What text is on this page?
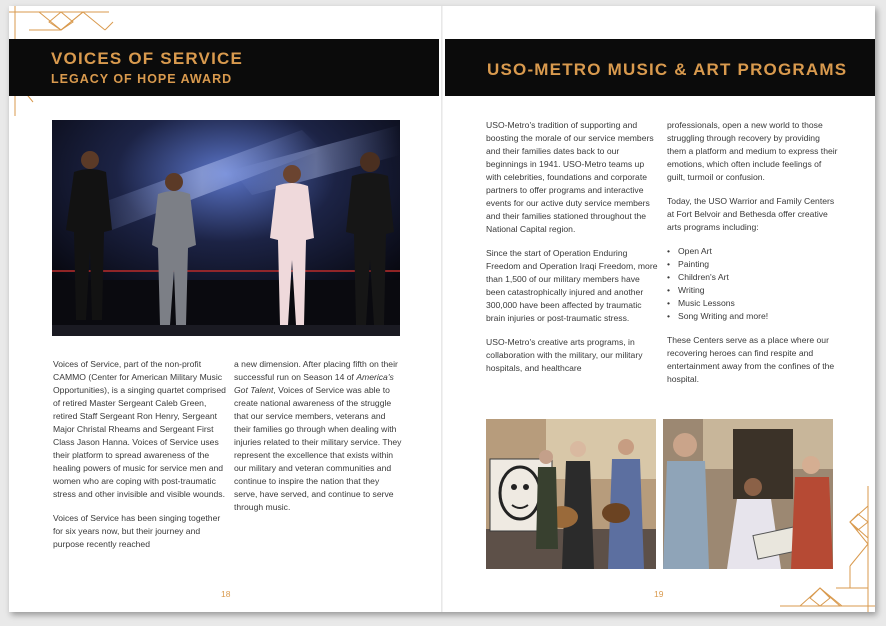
VOICES OF SERVICE
LEGACY OF HOPE AWARD

Voices of Service, part of the non-profit CAMMO (Center for American Military Music Opportunities), is a singing quartet comprised of retired Master Sergeant Caleb Green, retired Staff Sergeant Ron Henry, Sergeant Major Christal Rheams and Sergeant First Class Jason Hanna. Voices of Service uses their platform to spread awareness of the healing powers of music for service men and women who are coping with post-traumatic stress and other invisible and visible wounds.

Voices of Service has been singing together for six years now, but their journey and purpose recently reached

a new dimension. After placing fifth on their successful run on Season 14 of America's Got Talent, Voices of Service was able to create national awareness of the struggle that our service members, veterans and their families go through when dealing with injuries related to their military service. They represent the excellence that exists within our military and veteran communities and continue to inspire the nation that they serve, have served, and continue to serve through music.

18
USO-METRO MUSIC & ART PROGRAMS

USO-Metro's tradition of supporting and boosting the morale of our service members and their families dates back to our beginnings in 1941. USO-Metro teams up with celebrities, foundations and corporate partners to offer programs and interactive events for our active duty service members and their families stationed throughout the National Capital region.

Since the start of Operation Enduring Freedom and Operation Iraqi Freedom, more than 1,500 of our military members have been catastrophically injured and another 300,000 have been affected by traumatic brain injuries or post-traumatic stress.

USO-Metro's creative arts programs, in collaboration with the military, our military hospitals, and healthcare

professionals, open a new world to those struggling through recovery by providing them a platform and medium to express their emotions, which often include feelings of guilt, turmoil or confusion.

Today, the USO Warrior and Family Centers at Fort Belvoir and Bethesda offer creative arts programs including:

• Open Art
• Painting
• Children's Art
• Writing
• Music Lessons
• Song Writing and more!

These Centers serve as a place where our recovering heroes can find respite and entertainment away from the confines of the hospital.

19
